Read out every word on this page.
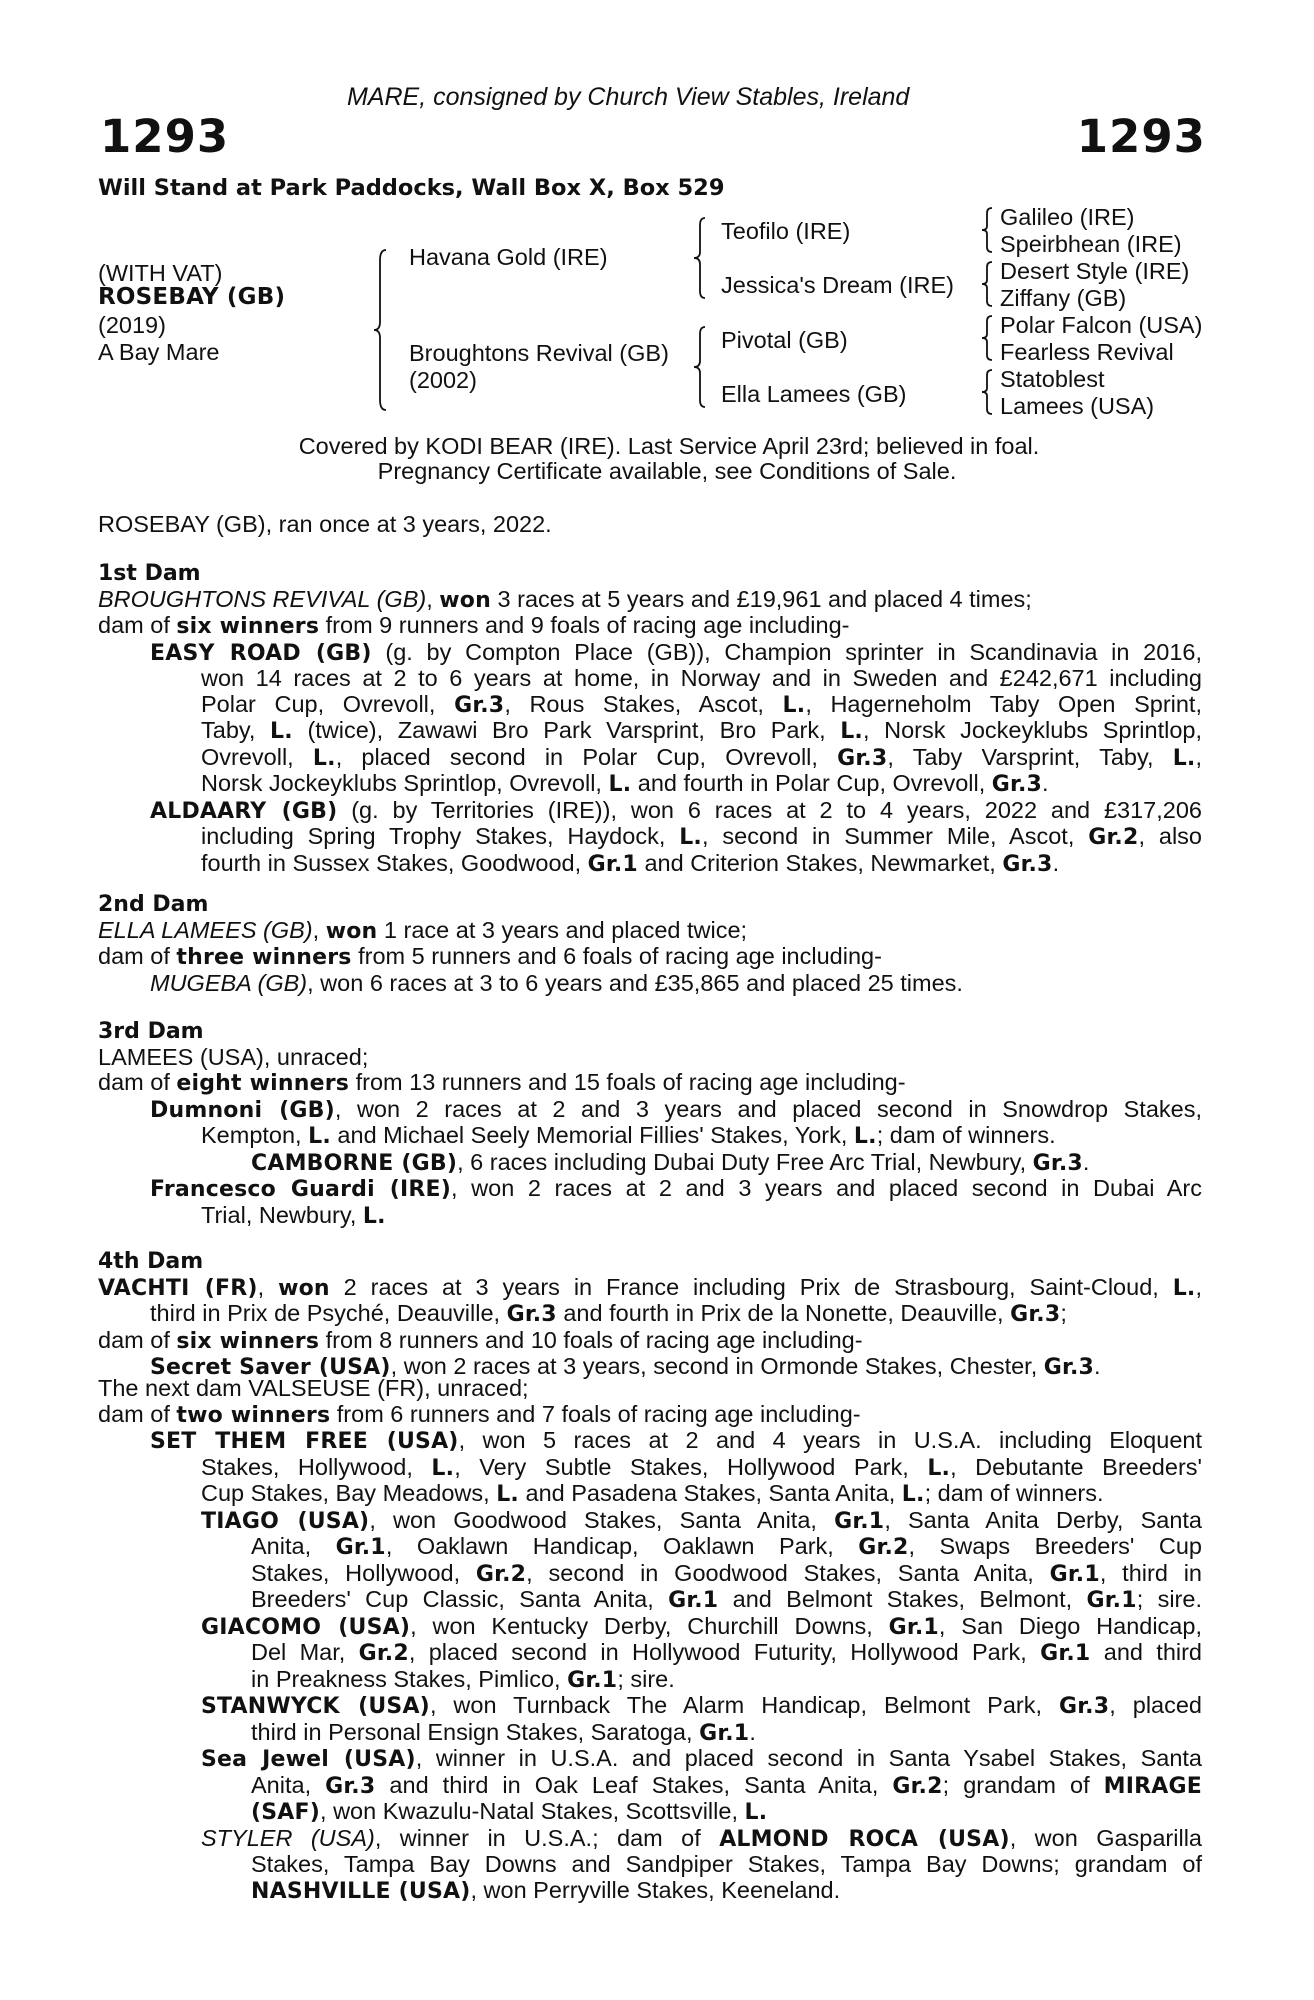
MARE, consigned by Church View Stables, Ireland
1293	1293
Will Stand at Park Paddocks, Wall Box X, Box 529
(WITH VAT)
ROSEBAY (GB)
(2019)
A Bay Mare
Havana Gold (IRE)
Broughtons Revival (GB)
(2002)
Teofilo (IRE)
Jessica's Dream (IRE)
Pivotal (GB)
Ella Lamees (GB)
Galileo (IRE)
Speirbhean (IRE)
Desert Style (IRE)
Ziffany (GB)
Polar Falcon (USA)
Fearless Revival
Statoblest
Lamees (USA)
Covered by KODI BEAR (IRE). Last Service April 23rd; believed in foal.
Pregnancy Certificate available, see Conditions of Sale.
ROSEBAY (GB), ran once at 3 years, 2022.
1st Dam
BROUGHTONS REVIVAL (GB), won 3 races at 5 years and £19,961 and placed 4 times;
dam of six winners from 9 runners and 9 foals of racing age including-
EASY ROAD (GB) (g. by Compton Place (GB)), Champion sprinter in Scandinavia in 2016,
won 14 races at 2 to 6 years at home, in Norway and in Sweden and £242,671 including
Polar Cup, Ovrevoll, Gr.3, Rous Stakes, Ascot, L., Hagerneholm Taby Open Sprint,
Taby, L. (twice), Zawawi Bro Park Varsprint, Bro Park, L., Norsk Jockeyklubs Sprintlop,
Ovrevoll, L., placed second in Polar Cup, Ovrevoll, Gr.3, Taby Varsprint, Taby, L.,
Norsk Jockeyklubs Sprintlop, Ovrevoll, L. and fourth in Polar Cup, Ovrevoll, Gr.3.
ALDAARY (GB) (g. by Territories (IRE)), won 6 races at 2 to 4 years, 2022 and £317,206
including Spring Trophy Stakes, Haydock, L., second in Summer Mile, Ascot, Gr.2, also
fourth in Sussex Stakes, Goodwood, Gr.1 and Criterion Stakes, Newmarket, Gr.3.
2nd Dam
ELLA LAMEES (GB), won 1 race at 3 years and placed twice;
dam of three winners from 5 runners and 6 foals of racing age including-
MUGEBA (GB), won 6 races at 3 to 6 years and £35,865 and placed 25 times.
3rd Dam
LAMEES (USA), unraced;
dam of eight winners from 13 runners and 15 foals of racing age including-
Dumnoni (GB), won 2 races at 2 and 3 years and placed second in Snowdrop Stakes,
Kempton, L. and Michael Seely Memorial Fillies' Stakes, York, L.; dam of winners.
CAMBORNE (GB), 6 races including Dubai Duty Free Arc Trial, Newbury, Gr.3.
Francesco Guardi (IRE), won 2 races at 2 and 3 years and placed second in Dubai Arc
Trial, Newbury, L.
4th Dam
VACHTI (FR), won 2 races at 3 years in France including Prix de Strasbourg, Saint-Cloud, L.,
third in Prix de Psyché, Deauville, Gr.3 and fourth in Prix de la Nonette, Deauville, Gr.3;
dam of six winners from 8 runners and 10 foals of racing age including-
Secret Saver (USA), won 2 races at 3 years, second in Ormonde Stakes, Chester, Gr.3.
The next dam VALSEUSE (FR), unraced;
dam of two winners from 6 runners and 7 foals of racing age including-
SET THEM FREE (USA), won 5 races at 2 and 4 years in U.S.A. including Eloquent
Stakes, Hollywood, L., Very Subtle Stakes, Hollywood Park, L., Debutante Breeders'
Cup Stakes, Bay Meadows, L. and Pasadena Stakes, Santa Anita, L.; dam of winners.
TIAGO (USA), won Goodwood Stakes, Santa Anita, Gr.1, Santa Anita Derby, Santa
Anita, Gr.1, Oaklawn Handicap, Oaklawn Park, Gr.2, Swaps Breeders' Cup
Stakes, Hollywood, Gr.2, second in Goodwood Stakes, Santa Anita, Gr.1, third in
Breeders' Cup Classic, Santa Anita, Gr.1 and Belmont Stakes, Belmont, Gr.1; sire.
GIACOMO (USA), won Kentucky Derby, Churchill Downs, Gr.1, San Diego Handicap,
Del Mar, Gr.2, placed second in Hollywood Futurity, Hollywood Park, Gr.1 and third
in Preakness Stakes, Pimlico, Gr.1; sire.
STANWYCK (USA), won Turnback The Alarm Handicap, Belmont Park, Gr.3, placed
third in Personal Ensign Stakes, Saratoga, Gr.1.
Sea Jewel (USA), winner in U.S.A. and placed second in Santa Ysabel Stakes, Santa
Anita, Gr.3 and third in Oak Leaf Stakes, Santa Anita, Gr.2; grandam of MIRAGE
(SAF), won Kwazulu-Natal Stakes, Scottsville, L.
STYLER (USA), winner in U.S.A.; dam of ALMOND ROCA (USA), won Gasparilla
Stakes, Tampa Bay Downs and Sandpiper Stakes, Tampa Bay Downs; grandam of
NASHVILLE (USA), won Perryville Stakes, Keeneland.
